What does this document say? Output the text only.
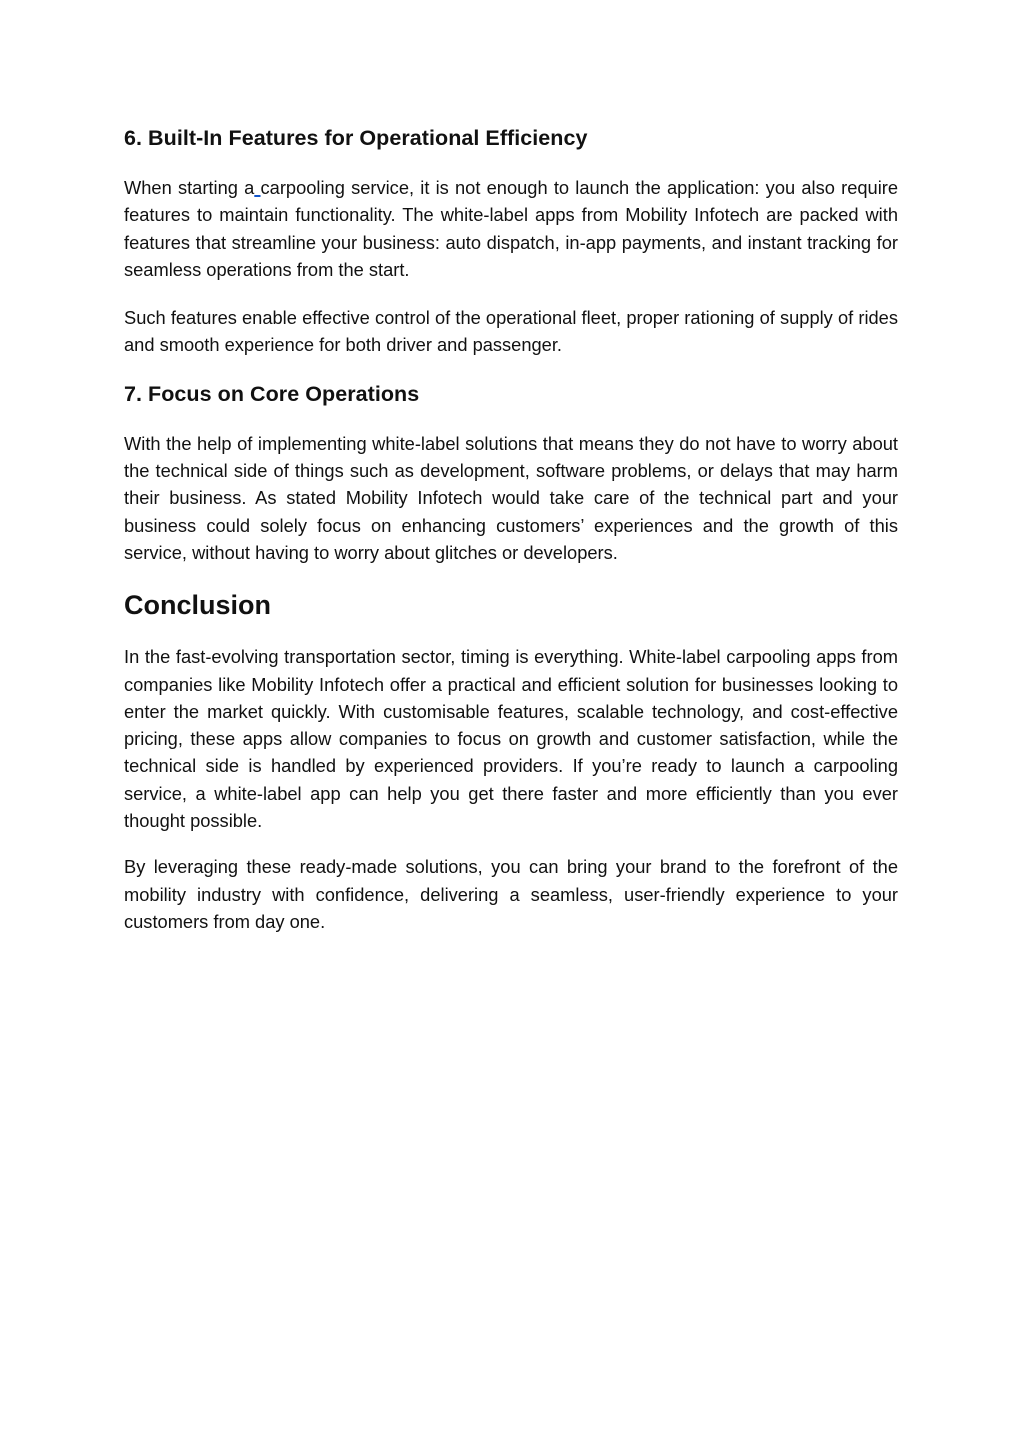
6. Built-In Features for Operational Efficiency

When starting a carpooling service, it is not enough to launch the application: you also require features to maintain functionality. The white-label apps from Mobility Infotech are packed with features that streamline your business: auto dispatch, in-app payments, and instant tracking for seamless operations from the start.

Such features enable effective control of the operational fleet, proper rationing of supply of rides and smooth experience for both driver and passenger.

7. Focus on Core Operations

With the help of implementing white-label solutions that means they do not have to worry about the technical side of things such as development, software problems, or delays that may harm their business. As stated Mobility Infotech would take care of the technical part and your business could solely focus on enhancing customers’ experiences and the growth of this service, without having to worry about glitches or developers.

Conclusion

In the fast-evolving transportation sector, timing is everything. White-label carpooling apps from companies like Mobility Infotech offer a practical and efficient solution for businesses looking to enter the market quickly. With customisable features, scalable technology, and cost-effective pricing, these apps allow companies to focus on growth and customer satisfaction, while the technical side is handled by experienced providers. If you’re ready to launch a carpooling service, a white-label app can help you get there faster and more efficiently than you ever thought possible.

By leveraging these ready-made solutions, you can bring your brand to the forefront of the mobility industry with confidence, delivering a seamless, user-friendly experience to your customers from day one.
